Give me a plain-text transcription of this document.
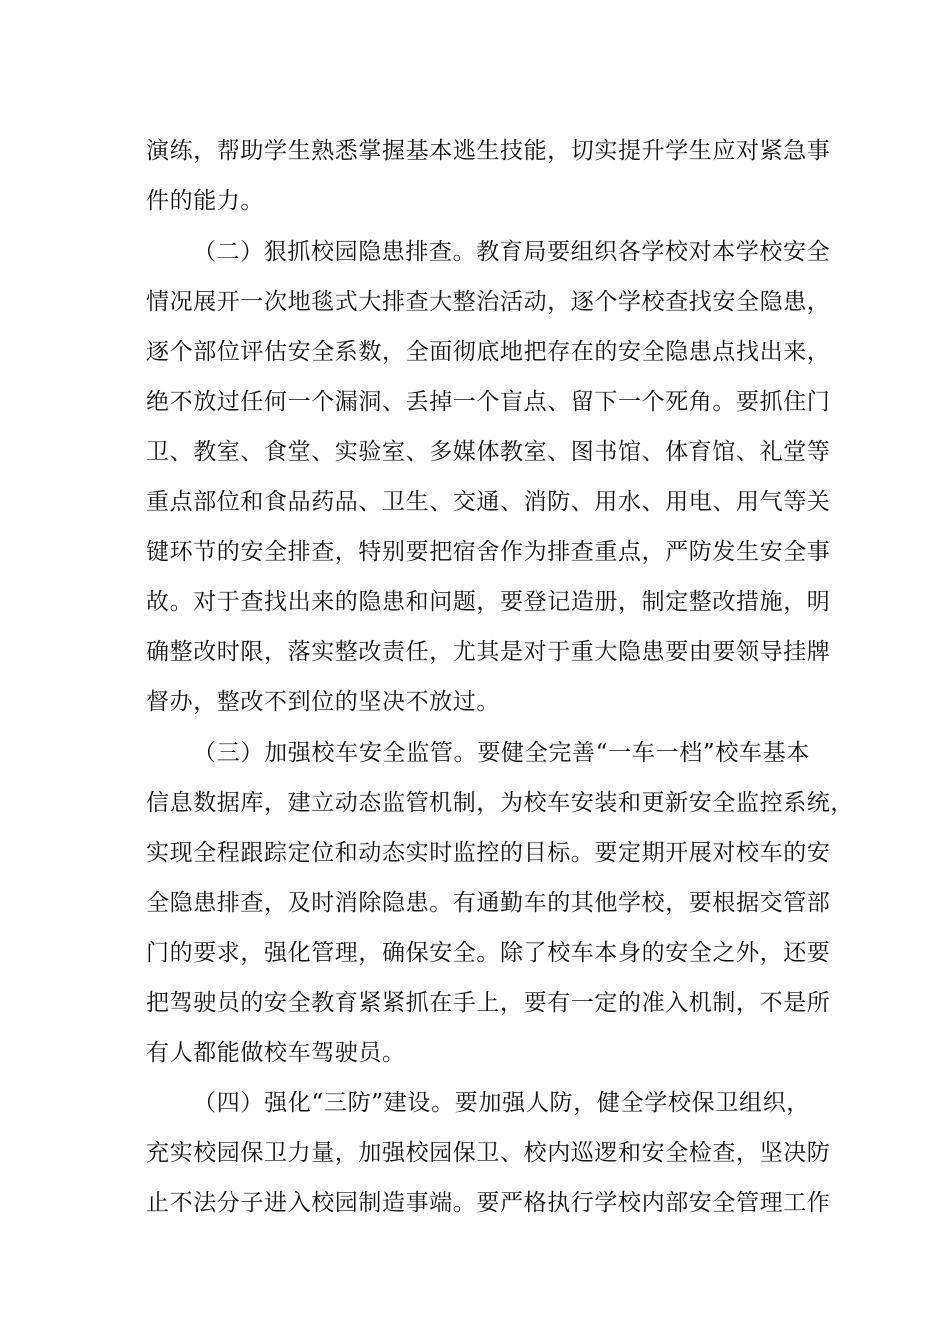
演练，帮助学生熟悉掌握基本逃生技能，切实提升学生应对紧急事
件的能力。
（二）狠抓校园隐患排查。教育局要组织各学校对本学校安全
情况展开一次地毯式大排查大整治活动，逐个学校查找安全隐患，
逐个部位评估安全系数，全面彻底地把存在的安全隐患点找出来，
绝不放过任何一个漏洞、丢掉一个盲点、留下一个死角。要抓住门
卫、教室、食堂、实验室、多媒体教室、图书馆、体育馆、礼堂等
重点部位和食品药品、卫生、交通、消防、用水、用电、用气等关
键环节的安全排查，特别要把宿舍作为排查重点，严防发生安全事
故。对于查找出来的隐患和问题，要登记造册，制定整改措施，明
确整改时限，落实整改责任，尤其是对于重大隐患要由要领导挂牌
督办，整改不到位的坚决不放过。
（三）加强校车安全监管。要健全完善“一车一档”校车基本
信息数据库，建立动态监管机制，为校车安装和更新安全监控系统，
实现全程跟踪定位和动态实时监控的目标。要定期开展对校车的安
全隐患排查，及时消除隐患。有通勤车的其他学校，要根据交管部
门的要求，强化管理，确保安全。除了校车本身的安全之外，还要
把驾驶员的安全教育紧紧抓在手上，要有一定的准入机制，不是所
有人都能做校车驾驶员。
（四）强化“三防”建设。要加强人防，健全学校保卫组织，
充实校园保卫力量，加强校园保卫、校内巡逻和安全检查，坚决防
止不法分子进入校园制造事端。要严格执行学校内部安全管理工作
